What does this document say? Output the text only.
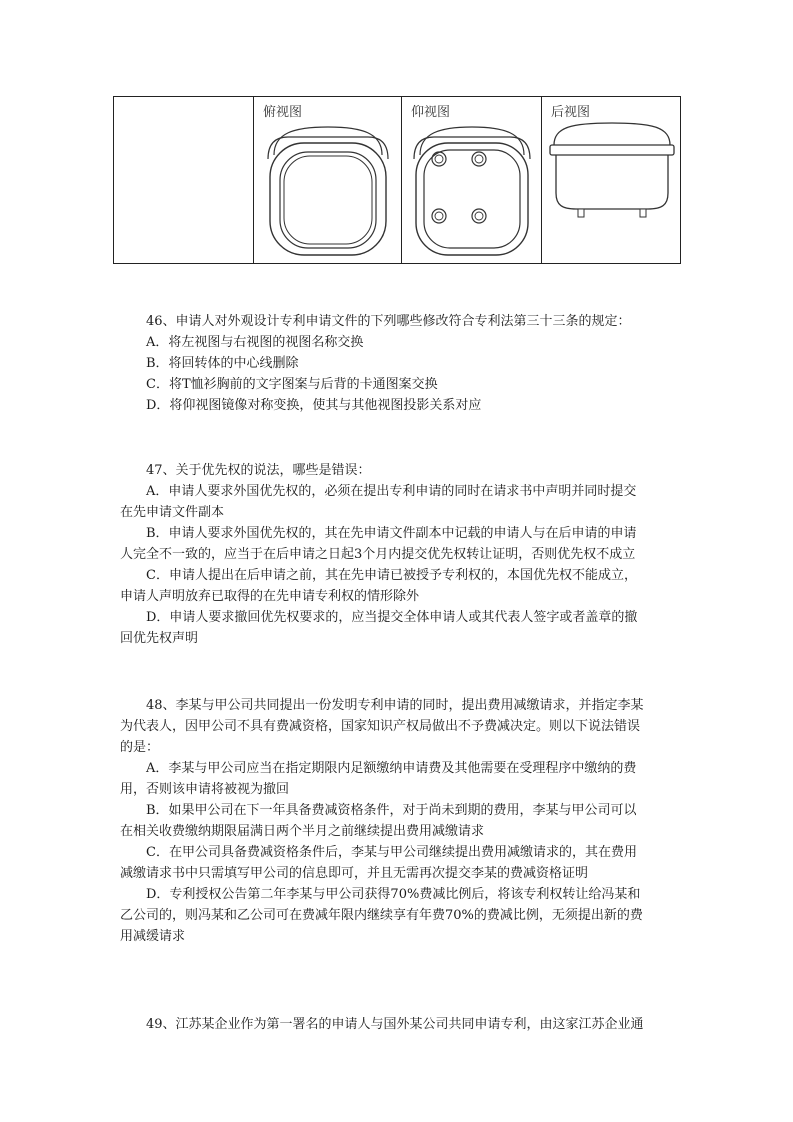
俯视图	仰视图	后视图
46、申请人对外观设计专利申请文件的下列哪些修改符合专利法第三十三条的规定：
A．将左视图与右视图的视图名称交换
B．将回转体的中心线删除
C．将T恤衫胸前的文字图案与后背的卡通图案交换
D．将仰视图镜像对称变换，使其与其他视图投影关系对应
47、关于优先权的说法，哪些是错误：
A．申请人要求外国优先权的，必须在提出专利申请的同时在请求书中声明并同时提交
在先申请文件副本
B．申请人要求外国优先权的，其在先申请文件副本中记载的申请人与在后申请的申请
人完全不一致的，应当于在后申请之日起3个月内提交优先权转让证明，否则优先权不成立
C．申请人提出在后申请之前，其在先申请已被授予专利权的，本国优先权不能成立，
申请人声明放弃已取得的在先申请专利权的情形除外
D．申请人要求撤回优先权要求的，应当提交全体申请人或其代表人签字或者盖章的撤
回优先权声明
48、李某与甲公司共同提出一份发明专利申请的同时，提出费用减缴请求，并指定李某
为代表人，因甲公司不具有费减资格，国家知识产权局做出不予费减决定。则以下说法错误
的是：
A．李某与甲公司应当在指定期限内足额缴纳申请费及其他需要在受理程序中缴纳的费
用，否则该申请将被视为撤回
B．如果甲公司在下一年具备费减资格条件，对于尚未到期的费用，李某与甲公司可以
在相关收费缴纳期限届满日两个半月之前继续提出费用减缴请求
C．在甲公司具备费减资格条件后，李某与甲公司继续提出费用减缴请求的，其在费用
减缴请求书中只需填写甲公司的信息即可，并且无需再次提交李某的费减资格证明
D．专利授权公告第二年李某与甲公司获得70%费减比例后，将该专利权转让给冯某和
乙公司的，则冯某和乙公司可在费减年限内继续享有年费70%的费减比例，无须提出新的费
用减缓请求
49、江苏某企业作为第一署名的申请人与国外某公司共同申请专利，由这家江苏企业通
